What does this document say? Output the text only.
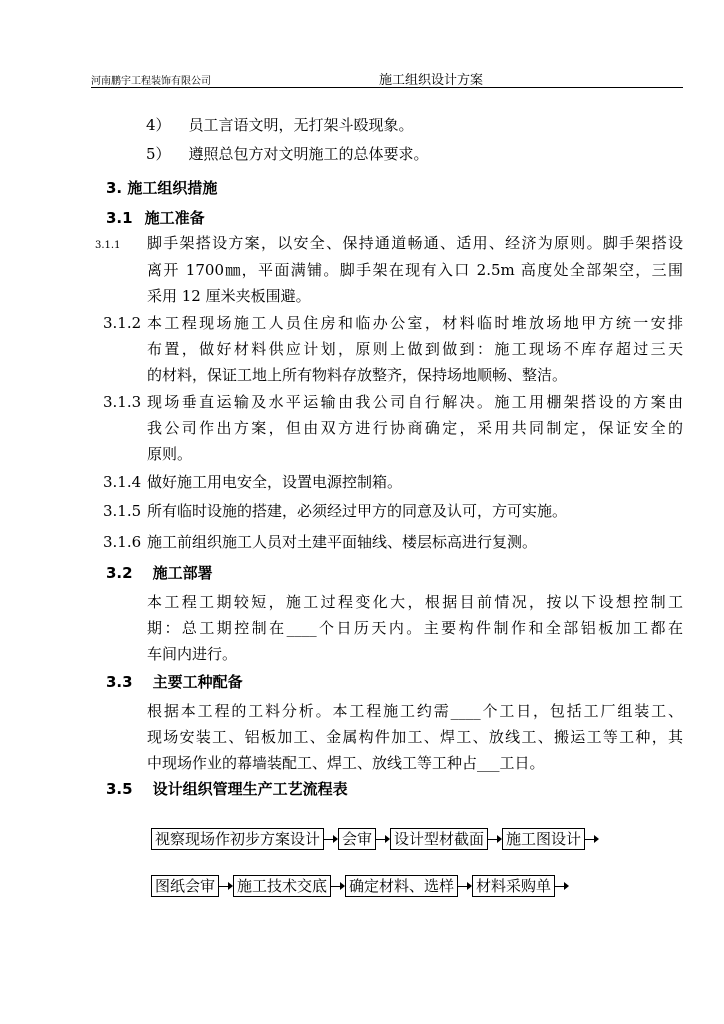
河南鹏宇工程装饰有限公司	施工组织设计方案
4） 员工言语文明，无打架斗殴现象。
5） 遵照总包方对文明施工的总体要求。
3. 施工组织措施
3.1 施工准备
3.1.1 脚手架搭设方案，以安全、保持通道畅通、适用、经济为原则。脚手架搭设
离开 1700㎜，平面满铺。脚手架在现有入口 2.5m 高度处全部架空，三围
采用 12 厘米夹板围避。
3.1.2 本工程现场施工人员住房和临办公室，材料临时堆放场地甲方统一安排
布置，做好材料供应计划，原则上做到做到：施工现场不库存超过三天
的材料，保证工地上所有物料存放整齐，保持场地顺畅、整洁。
3.1.3 现场垂直运输及水平运输由我公司自行解决。施工用棚架搭设的方案由
我公司作出方案，但由双方进行协商确定，采用共同制定，保证安全的
原则。
3.1.4 做好施工用电安全，设置电源控制箱。
3.1.5 所有临时设施的搭建，必须经过甲方的同意及认可，方可实施。
3.1.6 施工前组织施工人员对土建平面轴线、楼层标高进行复测。
3.2 施工部署
本工程工期较短，施工过程变化大，根据目前情况，按以下设想控制工
期：总工期控制在____个日历天内。主要构件制作和全部铝板加工都在
车间内进行。
3.3 主要工种配备
根据本工程的工料分析。本工程施工约需____个工日，包括工厂组装工、
现场安装工、铝板加工、金属构件加工、焊工、放线工、搬运工等工种，其
中现场作业的幕墙装配工、焊工、放线工等工种占___工日。
3.5 设计组织管理生产工艺流程表
视察现场作初步方案设计 会审 设计型材截面 施工图设计
图纸会审 施工技术交底 确定材料、选样 材料采购单
